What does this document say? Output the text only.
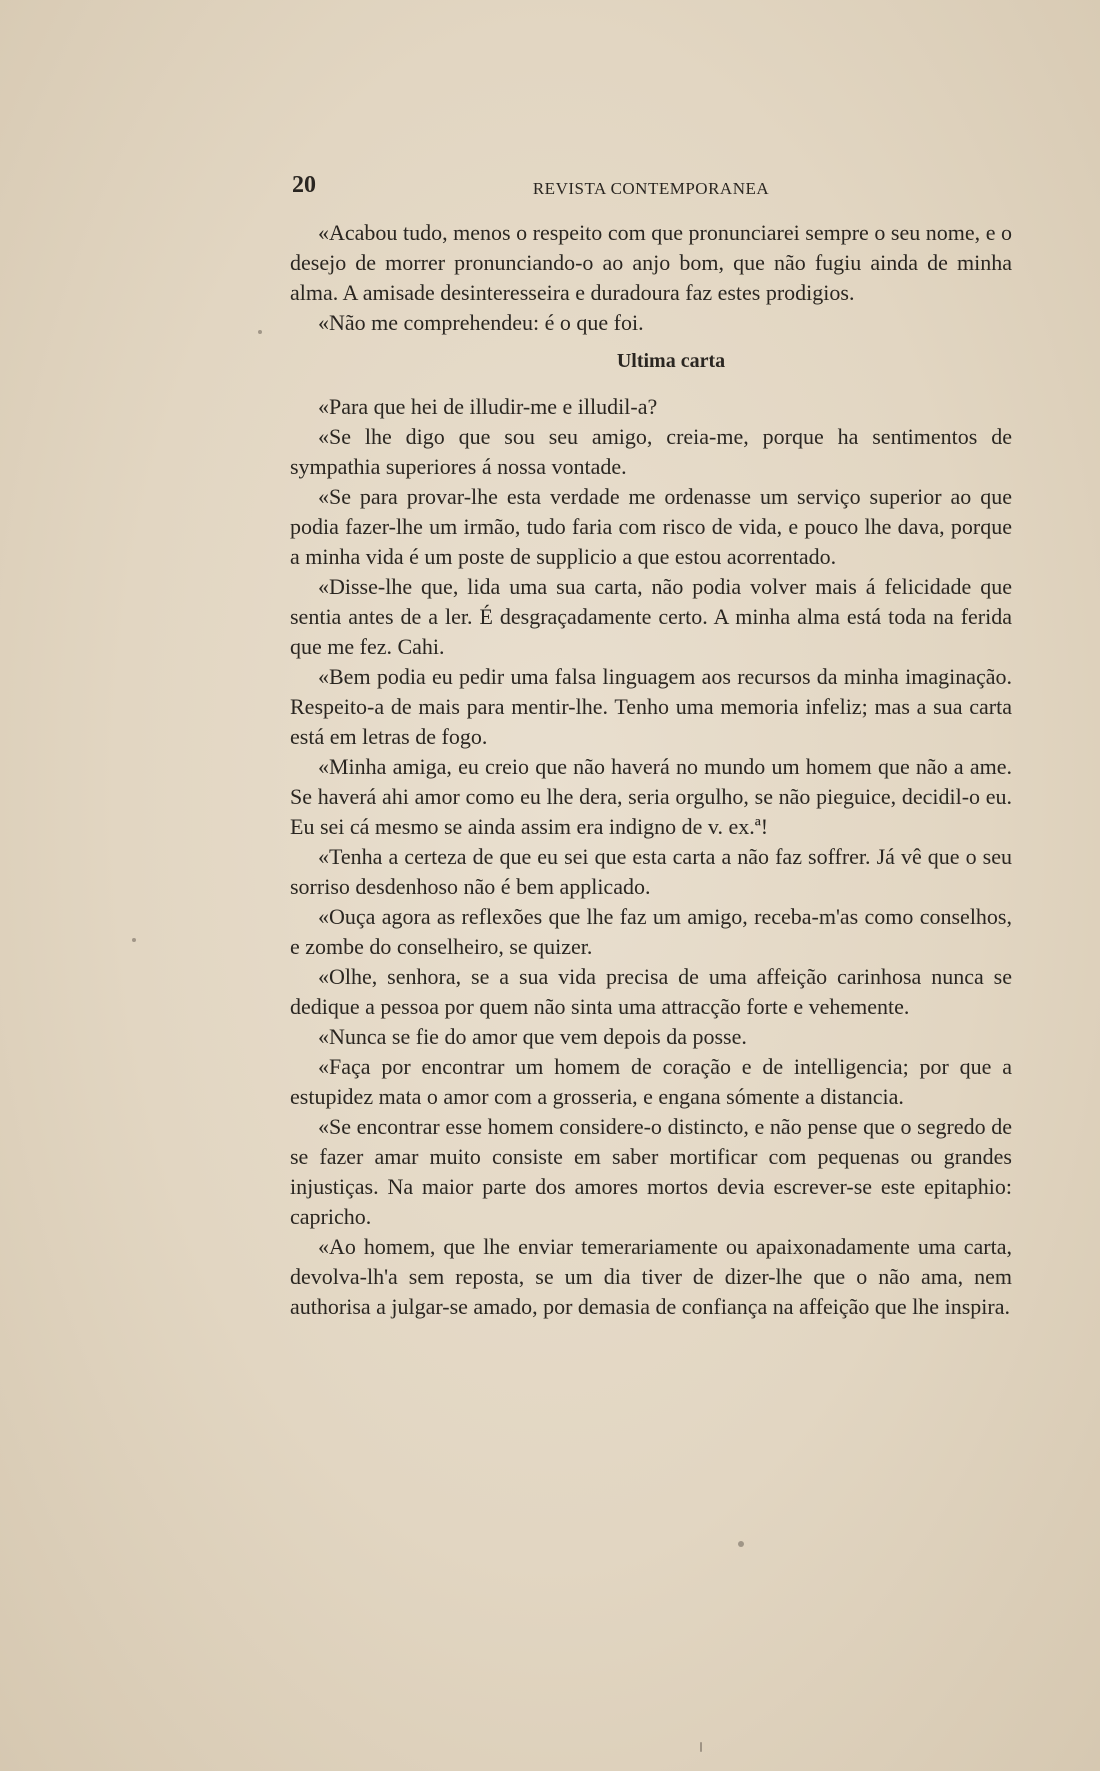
20	REVISTA CONTEMPORANEA

«Acabou tudo, menos o respeito com que pronunciarei sempre o seu nome, e o desejo de morrer pronunciando-o ao anjo bom, que não fugiu ainda de minha alma. A amisade desinteresseira e duradoura faz estes prodigios.

«Não me comprehendeu: é o que foi.

Ultima carta

«Para que hei de illudir-me e illudil-a?

«Se lhe digo que sou seu amigo, creia-me, porque ha sentimentos de sympathia superiores á nossa vontade.

«Se para provar-lhe esta verdade me ordenasse um serviço superior ao que podia fazer-lhe um irmão, tudo faria com risco de vida, e pouco lhe dava, porque a minha vida é um poste de supplicio a que estou acorrentado.

«Disse-lhe que, lida uma sua carta, não podia volver mais á felicidade que sentia antes de a ler. É desgraçadamente certo. A minha alma está toda na ferida que me fez. Cahi.

«Bem podia eu pedir uma falsa linguagem aos recursos da minha imaginação. Respeito-a de mais para mentir-lhe. Tenho uma memoria infeliz; mas a sua carta está em letras de fogo.

«Minha amiga, eu creio que não haverá no mundo um homem que não a ame. Se haverá ahi amor como eu lhe dera, seria orgulho, se não pieguice, decidil-o eu. Eu sei cá mesmo se ainda assim era indigno de v. ex.ª!

«Tenha a certeza de que eu sei que esta carta a não faz soffrer. Já vê que o seu sorriso desdenhoso não é bem applicado.

«Ouça agora as reflexões que lhe faz um amigo, receba-m'as como conselhos, e zombe do conselheiro, se quizer.

«Olhe, senhora, se a sua vida precisa de uma affeição carinhosa nunca se dedique a pessoa por quem não sinta uma attracção forte e vehemente.

«Nunca se fie do amor que vem depois da posse.

«Faça por encontrar um homem de coração e de intelligencia; por que a estupidez mata o amor com a grosseria, e engana sómente a distancia.

«Se encontrar esse homem considere-o distincto, e não pense que o segredo de se fazer amar muito consiste em saber mortificar com pequenas ou grandes injustiças. Na maior parte dos amores mortos devia escrever-se este epitaphio: capricho.

«Ao homem, que lhe enviar temerariamente ou apaixonadamente uma carta, devolva-lh'a sem reposta, se um dia tiver de dizer-lhe que o não ama, nem authorisa a julgar-se amado, por demasia de confiança na affeição que lhe inspira.
